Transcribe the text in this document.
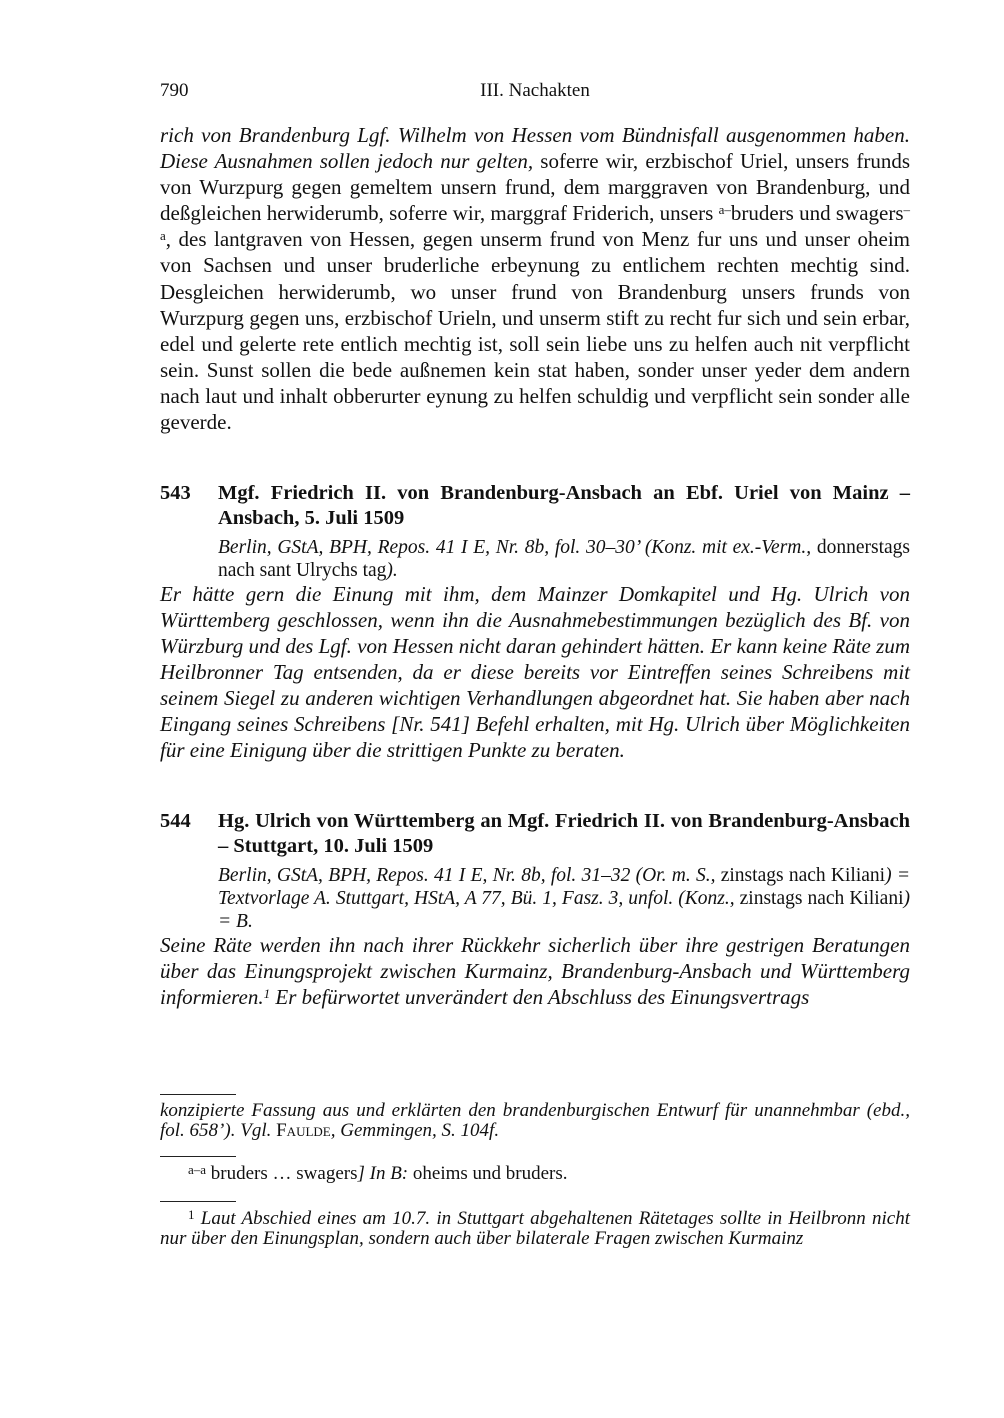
790	III. Nachakten

rich von Brandenburg Lgf. Wilhelm von Hessen vom Bündnisfall ausgenommen haben. Diese Ausnahmen sollen jedoch nur gelten, soferre wir, erzbischof Uriel, unsers frunds von Wurzpurg gegen gemeltem unsern frund, dem marggraven von Brandenburg, und deßgleichen herwiderumb, soferre wir, marggraf Friderich, unsers $^{a-}$bruders und swagers$^{-a}$, des lantgraven von Hessen, gegen unserm frund von Menz fur uns und unser oheim von Sachsen und unser bruderliche erbeynung zu entlichem rechten mechtig sind. Desgleichen herwiderumb, wo unser frund von Brandenburg unsers frunds von Wurzpurg gegen uns, erzbischof Urieln, und unserm stift zu recht fur sich und sein erbar, edel und gelerte rete entlich mechtig ist, soll sein liebe uns zu helfen auch nit verpflicht sein. Sunst sollen die bede außnemen kein stat haben, sonder unser yeder dem andern nach laut und inhalt obberurter eynung zu helfen schuldig und verpflicht sein sonder alle geverde.

543	Mgf. Friedrich II. von Brandenburg-Ansbach an Ebf. Uriel von Mainz – Ansbach, 5. Juli 1509
Berlin, GStA, BPH, Repos. 41 I E, Nr. 8b, fol. 30–30’ (Konz. mit ex.-Verm., donnerstags nach sant Ulrychs tag).

Er hätte gern die Einung mit ihm, dem Mainzer Domkapitel und Hg. Ulrich von Württemberg geschlossen, wenn ihn die Ausnahmebestimmungen bezüglich des Bf. von Würzburg und des Lgf. von Hessen nicht daran gehindert hätten. Er kann keine Räte zum Heilbronner Tag entsenden, da er diese bereits vor Eintreffen seines Schreibens mit seinem Siegel zu anderen wichtigen Verhandlungen abgeordnet hat. Sie haben aber nach Eingang seines Schreibens [Nr. 541] Befehl erhalten, mit Hg. Ulrich über Möglichkeiten für eine Einigung über die strittigen Punkte zu beraten.

544	Hg. Ulrich von Württemberg an Mgf. Friedrich II. von Brandenburg-Ansbach – Stuttgart, 10. Juli 1509
Berlin, GStA, BPH, Repos. 41 I E, Nr. 8b, fol. 31–32 (Or. m. S., zinstags nach Kiliani) = Textvorlage A. Stuttgart, HStA, A 77, Bü. 1, Fasz. 3, unfol. (Konz., zinstags nach Kiliani) = B.

Seine Räte werden ihn nach ihrer Rückkehr sicherlich über ihre gestrigen Beratungen über das Einungsprojekt zwischen Kurmainz, Brandenburg-Ansbach und Württemberg informieren.$^1$ Er befürwortet unverändert den Abschluss des Einungsvertrags

konzipierte Fassung aus und erklärten den brandenburgischen Entwurf für unannehmbar (ebd., fol. 658’). Vgl. Faulde, Gemmingen, S. 104f.
$^{a-a}$ bruders … swagers] In B: oheims und bruders.
$^1$ Laut Abschied eines am 10.7. in Stuttgart abgehaltenen Rätetages sollte in Heilbronn nicht nur über den Einungsplan, sondern auch über bilaterale Fragen zwischen Kurmainz
